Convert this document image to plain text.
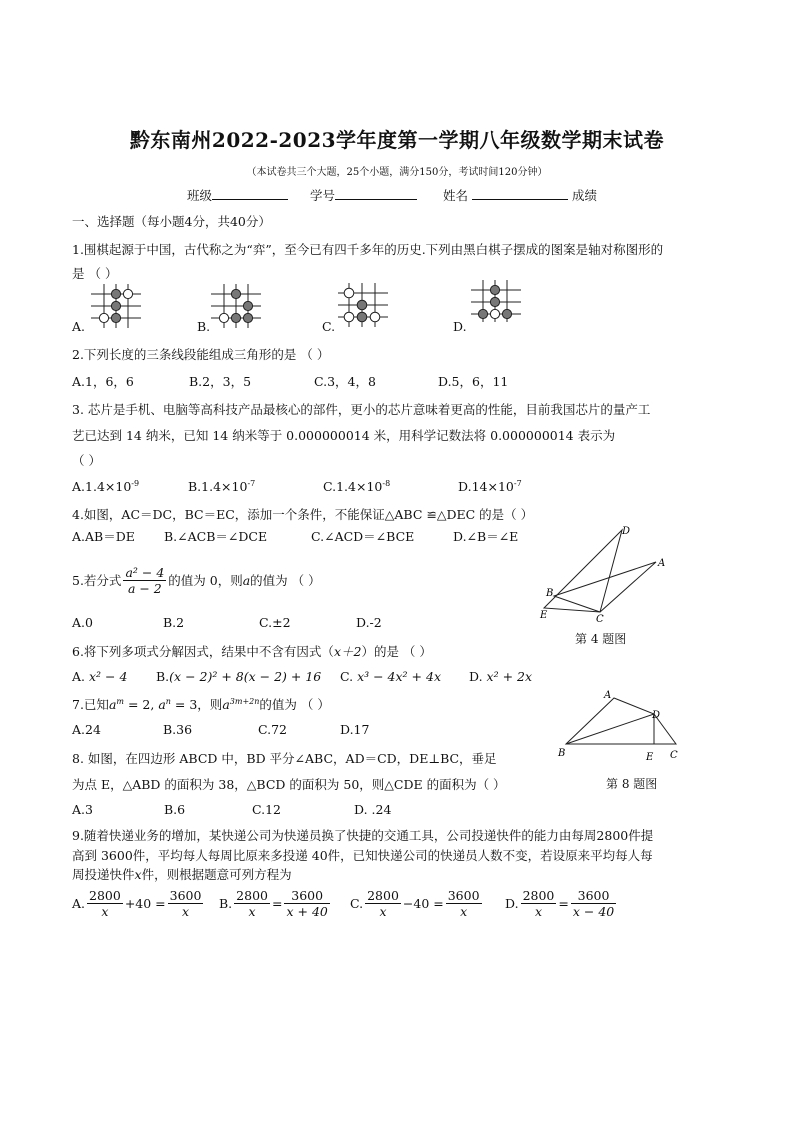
黔东南州2022-2023学年度第一学期八年级数学期末试卷
（本试卷共三个大题，25个小题，满分150分，考试时间120分钟）
班级	学号	姓名	成绩
一、选择题（每小题4分，共40分）
1.围棋起源于中国，古代称之为“弈”，至今已有四千多年的历史.下列由黑白棋子摆成的图案是轴对称图形的
是 （ ）
A.	B.	C.	D.
2.下列长度的三条线段能组成三角形的是 （ ）
A.1，6，6	B.2，3，5	C.3，4，8	D.5，6，11
3. 芯片是手机、电脑等高科技产品最核心的部件，更小的芯片意味着更高的性能，目前我国芯片的量产工
艺已达到 14 纳米，已知 14 纳米等于 0.000000014 米，用科学记数法将 0.000000014 表示为
（ ）
$A.1.4\times 10^{-9}$	$B.1.4\times 10^{-7}$	$C.1.4\times 10^{-8}$	$D.14\times 10^{-7}$
4.如图，AC＝DC，BC＝EC，添加一个条件，不能保证△ABC ≌△DEC 的是（ ）
A.AB＝DE B.∠ACB＝∠DCE	C.∠ACD＝∠BCE	D.∠B＝∠E	D
A
B
E	C
第 4 题图
5.若分式 $\frac{\text{a² − 4}}{a - 2}$ 的值为 0，则 a 的值为 （ ）
A.0	B.2	C.±2	D.-2
6.将下列多项式分解因式，结果中不含有因式（x＋2）的是 （ ）
A. x² − 4 B.(x − 2)² + 8(x − 2) + 16 C. x³ − 4x² + 4x D. x² + 2x
7.已知$a^m = 2$, $a^n = 3$，则$a^{3m+2n}$的值为 （ ）
A.24	B.36	C.72	D.17
A
D
B	E C
8. 如图，在四边形 ABCD 中，BD 平分∠ABC，AD＝CD，DE⊥BC，垂足
为点 E，△ABD 的面积为 38，△BCD 的面积为 50，则△CDE 的面积为（ ）	第 8 题图
A.3	B.6	C.12	D. .24
9.随着快递业务的增加，某快递公司为快递员换了快捷的交通工具，公司投递快件的能力由每周2800件提
高到 3600件，平均每人每周比原来多投递 40件，已知快递公司的快递员人数不变，若设原来平均每人每
周投递快件x件，则根据题意可列方程为
A. $\frac{2800}{x} +40 = \frac{3600}{x} B$. $\frac{2800}{x} = \frac{3600}{x + 40} C$. $\frac{2800}{x} -40 = \frac{3600}{x} D$. $\frac{2800}{x} = \frac{3600}{x - 40}$
